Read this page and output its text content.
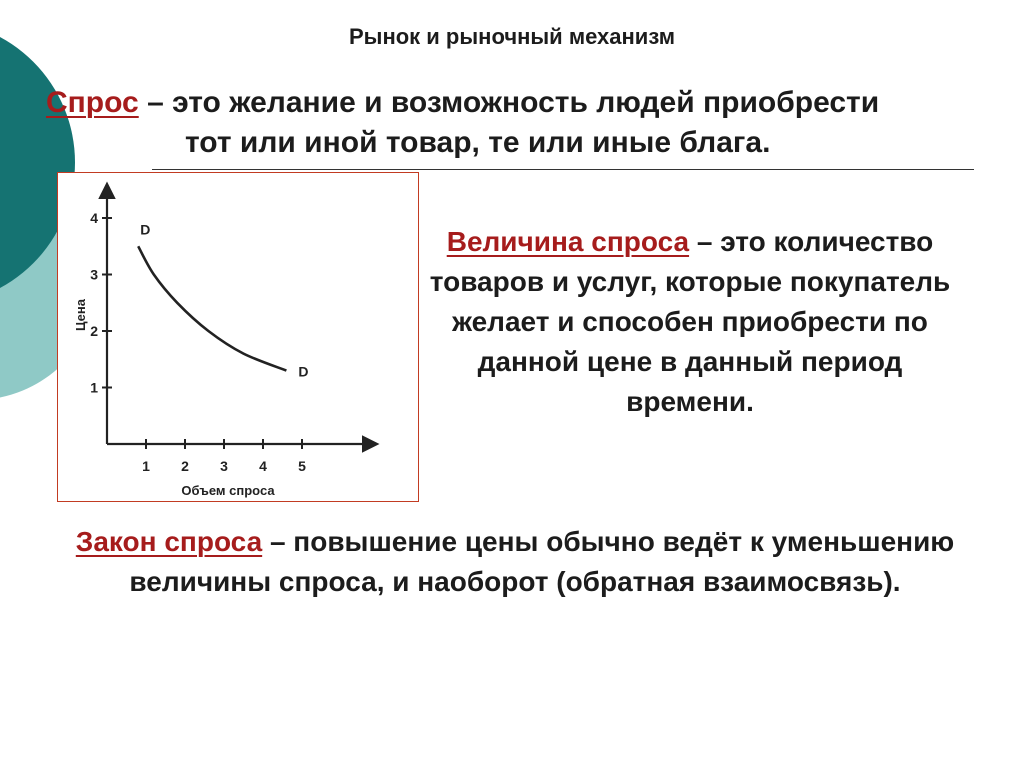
Рынок и рыночный механизм
Спрос – это желание и возможность людей приобрести
тот или иной товар, те или иные блага.
1 2 3 4 5
1
2
3
4
D
D
Объем спроса
Цена
Величина спроса – это количество товаров и услуг, которые покупатель желает и способен приобрести по данной цене в данный период времени.
Закон спроса – повышение цены обычно ведёт к уменьшению величины спроса, и наоборот (обратная взаимосвязь).
